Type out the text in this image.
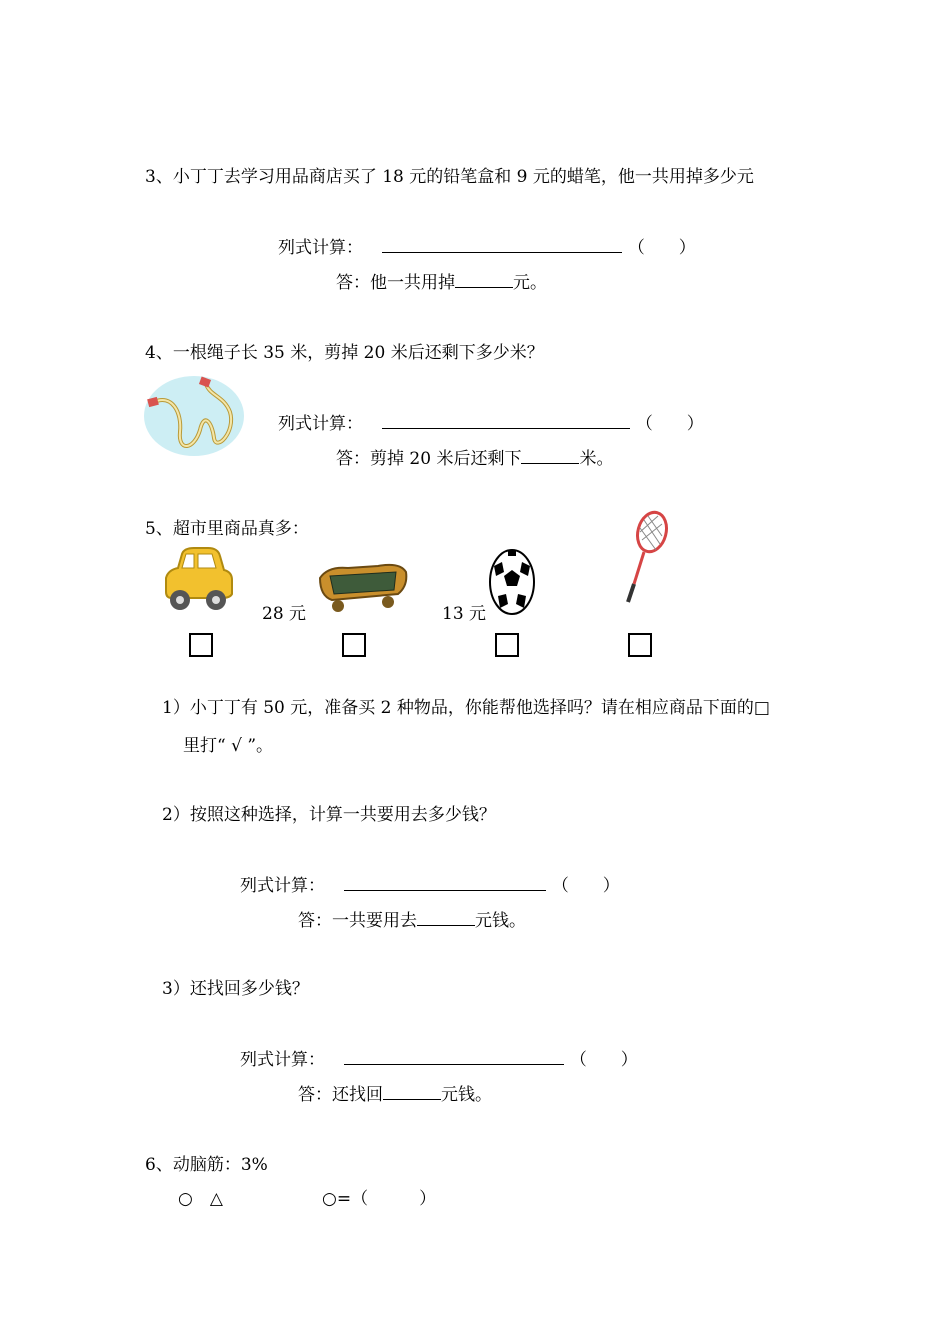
3、小丁丁去学习用品商店买了 18 元的铅笔盒和 9 元的蜡笔，他一共用掉多少元
列式计算：	（　　）
答：他一共用掉	元。
4、一根绳子长 35 米，剪掉 20 米后还剩下多少米？
列式计算：	（　　）
答：剪掉 20 米后还剩下	米。
5、超市里商品真多：
28 元	13 元
1）小丁丁有 50 元，准备买 2 种物品，你能帮他选择吗？请在相应商品下面的□
里打“ √ ”。
2）按照这种选择，计算一共要用去多少钱？
列式计算：	（　　）
答：一共要用去	元钱。
3）还找回多少钱？
列式计算：	（　　）
答：还找回	元钱。
6、动脑筋：3%
○　△	○=（　　　）
